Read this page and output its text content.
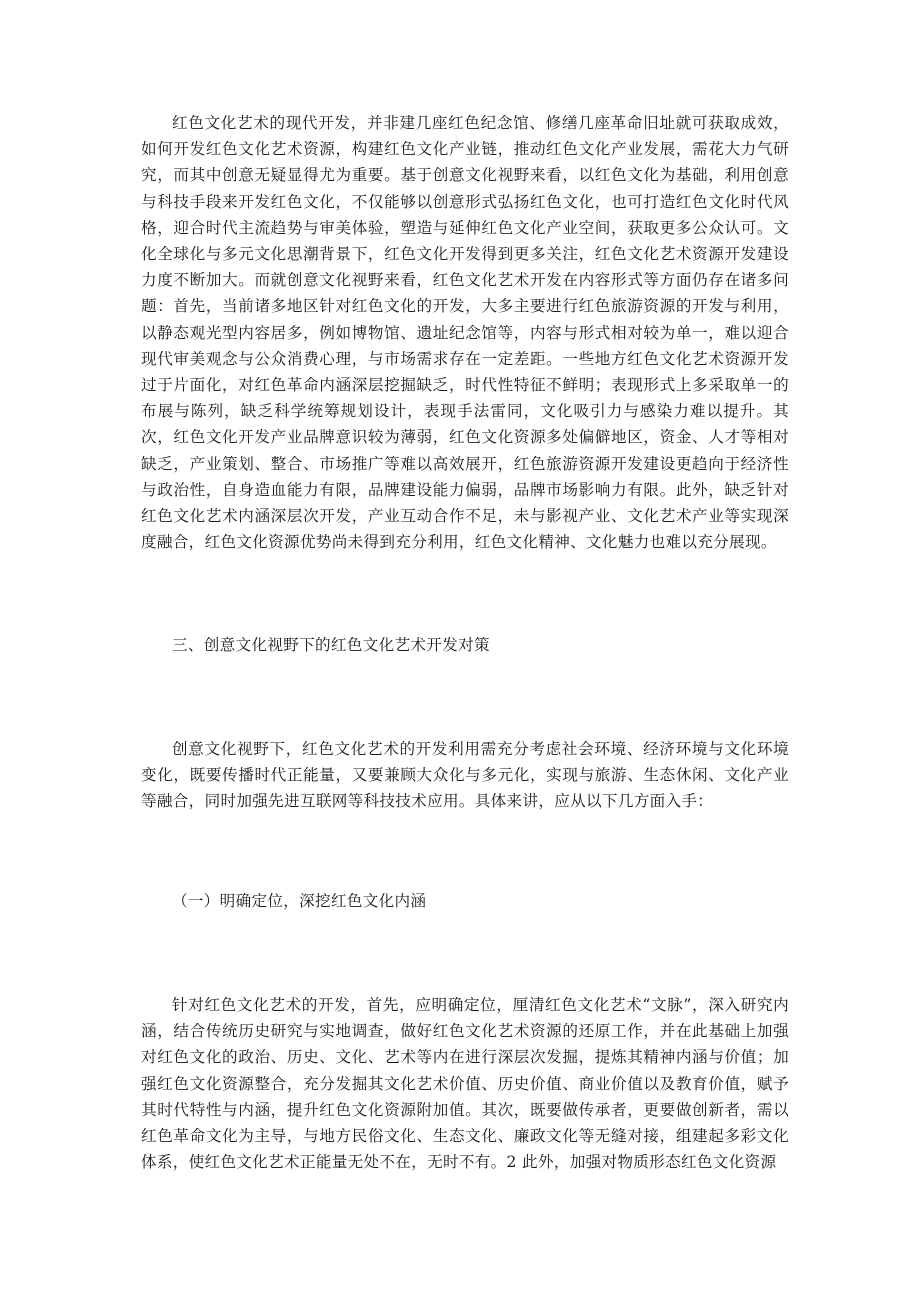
红色文化艺术的现代开发，并非建几座红色纪念馆、修缮几座革命旧址就可获取成效，如何开发红色文化艺术资源，构建红色文化产业链，推动红色文化产业发展，需花大力气研究，而其中创意无疑显得尤为重要。基于创意文化视野来看，以红色文化为基础，利用创意与科技手段来开发红色文化，不仅能够以创意形式弘扬红色文化，也可打造红色文化时代风格，迎合时代主流趋势与审美体验，塑造与延伸红色文化产业空间，获取更多公众认可。文化全球化与多元文化思潮背景下，红色文化开发得到更多关注，红色文化艺术资源开发建设力度不断加大。而就创意文化视野来看，红色文化艺术开发在内容形式等方面仍存在诸多问题：首先，当前诸多地区针对红色文化的开发，大多主要进行红色旅游资源的开发与利用，以静态观光型内容居多，例如博物馆、遗址纪念馆等，内容与形式相对较为单一，难以迎合现代审美观念与公众消费心理，与市场需求存在一定差距。一些地方红色文化艺术资源开发过于片面化，对红色革命内涵深层挖掘缺乏，时代性特征不鲜明；表现形式上多采取单一的布展与陈列，缺乏科学统筹规划设计，表现手法雷同，文化吸引力与感染力难以提升。其次，红色文化开发产业品牌意识较为薄弱，红色文化资源多处偏僻地区，资金、人才等相对缺乏，产业策划、整合、市场推广等难以高效展开，红色旅游资源开发建设更趋向于经济性与政治性，自身造血能力有限，品牌建设能力偏弱，品牌市场影响力有限。此外，缺乏针对红色文化艺术内涵深层次开发，产业互动合作不足，未与影视产业、文化艺术产业等实现深度融合，红色文化资源优势尚未得到充分利用，红色文化精神、文化魅力也难以充分展现。

三、创意文化视野下的红色文化艺术开发对策

创意文化视野下，红色文化艺术的开发利用需充分考虑社会环境、经济环境与文化环境变化，既要传播时代正能量，又要兼顾大众化与多元化，实现与旅游、生态休闲、文化产业等融合，同时加强先进互联网等科技技术应用。具体来讲，应从以下几方面入手：

（一）明确定位，深挖红色文化内涵

针对红色文化艺术的开发，首先，应明确定位，厘清红色文化艺术“文脉”，深入研究内涵，结合传统历史研究与实地调查，做好红色文化艺术资源的还原工作，并在此基础上加强对红色文化的政治、历史、文化、艺术等内在进行深层次发掘，提炼其精神内涵与价值；加强红色文化资源整合，充分发掘其文化艺术价值、历史价值、商业价值以及教育价值，赋予其时代特性与内涵，提升红色文化资源附加值。其次，既要做传承者，更要做创新者，需以红色革命文化为主导，与地方民俗文化、生态文化、廉政文化等无缝对接，组建起多彩文化体系，使红色文化艺术正能量无处不在，无时不有。2 此外，加强对物质形态红色文化资源
